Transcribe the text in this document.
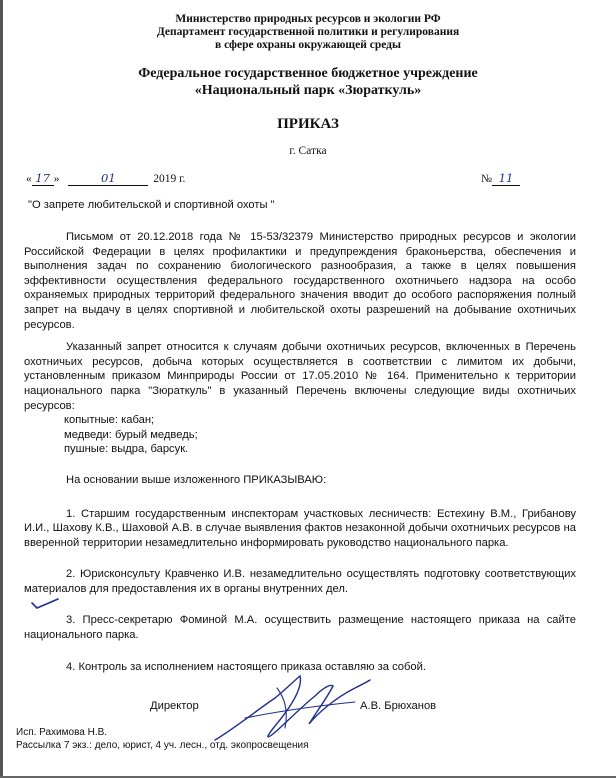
Министерство природных ресурсов и экологии РФ
Департамент государственной политики и регулирования
в сфере охраны окружающей среды
Федеральное государственное бюджетное учреждение
«Национальный парк «Зюраткуль»
ПРИКАЗ
г. Сатка
« 17 »	01	2019 г.	№ 11
"О запрете любительской и спортивной охоты "

Письмом от 20.12.2018 года № 15-53/32379 Министерство природных ресурсов и экологии Российской Федерации в целях профилактики и предупреждения браконьерства, обеспечения и выполнения задач по сохранению биологического разнообразия, а также в целях повышения эффективности осуществления федерального государственного охотничьего надзора на особо охраняемых природных территорий федерального значения вводит до особого распоряжения полный запрет на выдачу в целях спортивной и любительской охоты разрешений на добывание охотничьих ресурсов.

Указанный запрет относится к случаям добычи охотничьих ресурсов, включенных в Перечень охотничьих ресурсов, добыча которых осуществляется в соответствии с лимитом их добычи, установленным приказом Минприроды России от 17.05.2010 № 164. Применительно к территории национального парка "Зюраткуль" в указанный Перечень включены следующие виды охотничьих ресурсов:

копытные: кабан;

медведи: бурый медведь;

пушные: выдра, барсук.

На основании выше изложенного ПРИКАЗЫВАЮ:

1. Старшим государственным инспекторам участковых лесничеств: Естехину В.М., Грибанову И.И., Шахову К.В., Шаховой А.В. в случае выявления фактов незаконной добычи охотничьих ресурсов на вверенной территории незамедлительно информировать руководство национального парка.

2. Юрисконсульту Кравченко И.В. незамедлительно осуществлять подготовку соответствующих материалов для предоставления их в органы внутренних дел.

3. Пресс-секретарю Фоминой М.А. осуществить размещение настоящего приказа на сайте национального парка.

4. Контроль за исполнением настоящего приказа оставляю за собой.

Директор	А.В. Брюханов
Исп. Рахимова Н.В.
Рассылка 7 экз.: дело, юрист, 4 уч. лесн., отд. экопросвещения
